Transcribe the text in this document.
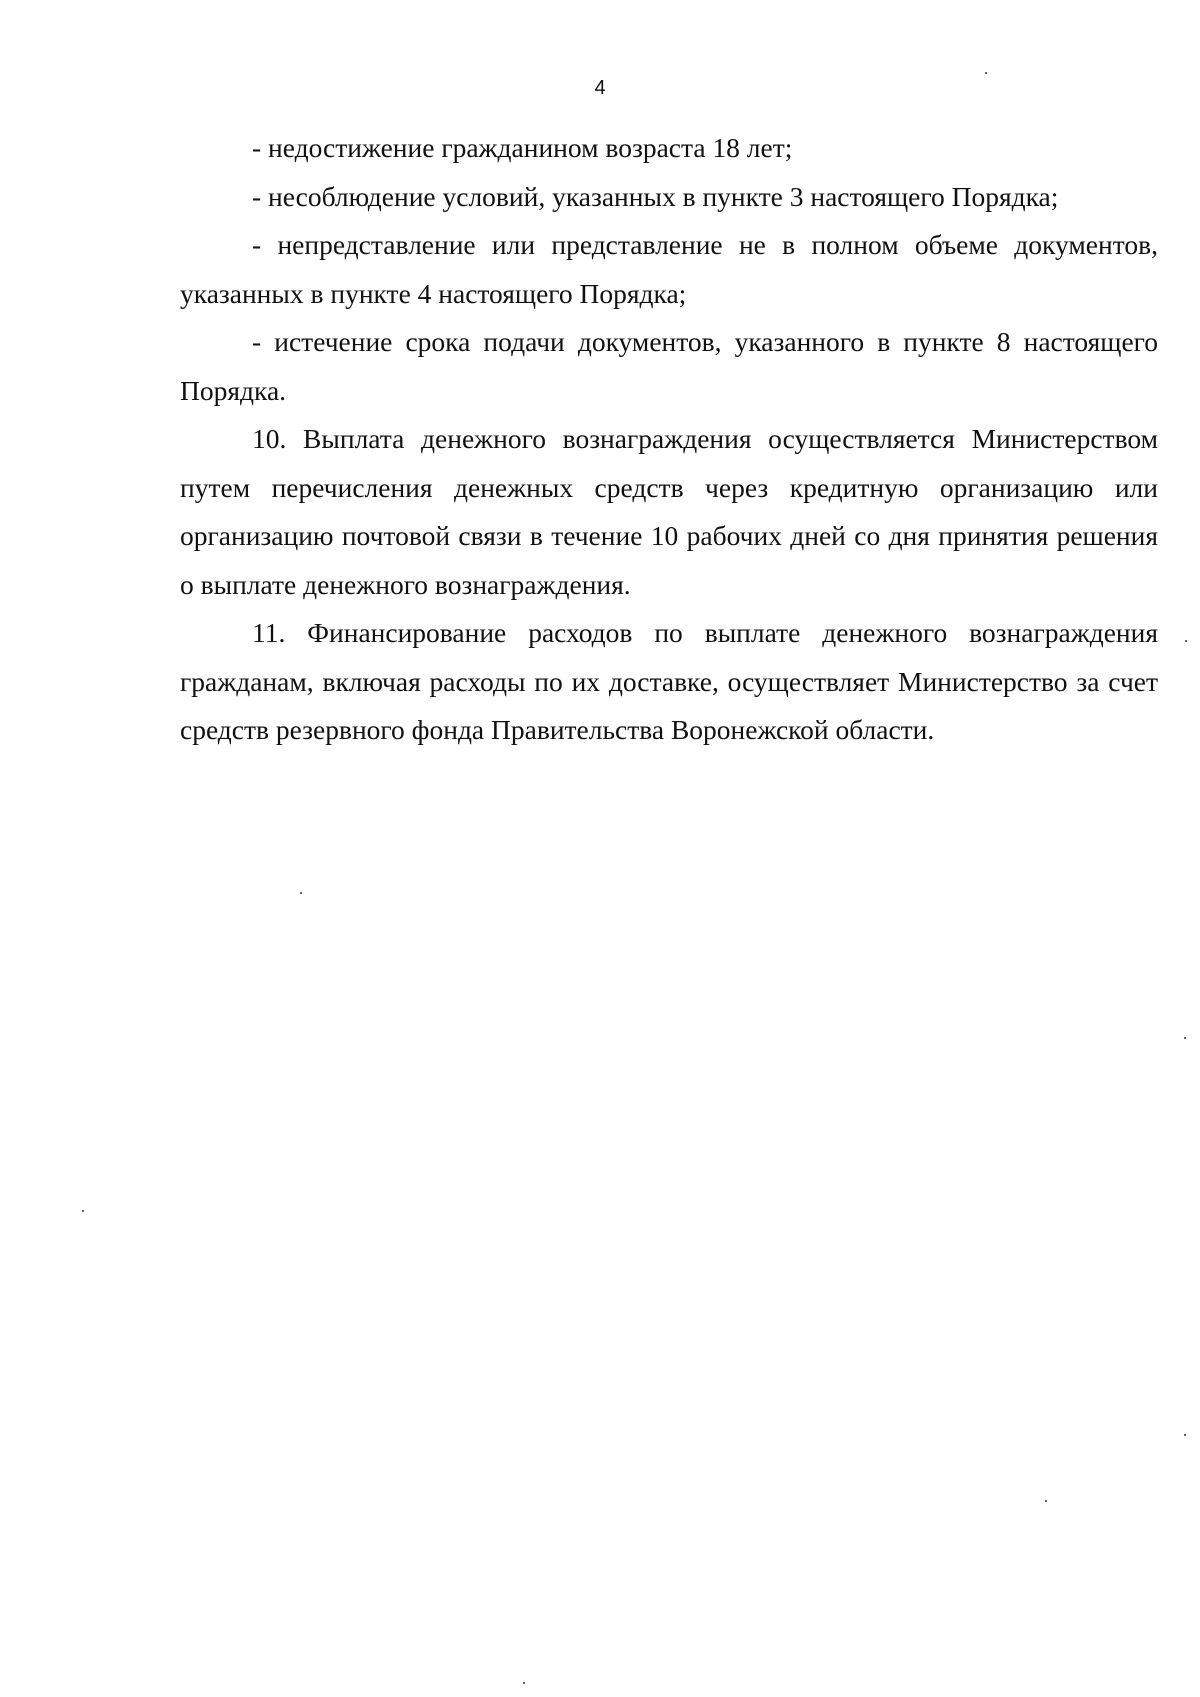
4

- недостижение гражданином возраста 18 лет;

- несоблюдение условий, указанных в пункте 3 настоящего Порядка;

- непредставление или представление не в полном объеме документов, указанных в пункте 4 настоящего Порядка;

- истечение срока подачи документов, указанного в пункте 8 настоящего Порядка.

10. Выплата денежного вознаграждения осуществляется Министерством путем перечисления денежных средств через кредитную организацию или организацию почтовой связи в течение 10 рабочих дней со дня принятия решения о выплате денежного вознаграждения.

11. Финансирование расходов по выплате денежного вознаграждения гражданам, включая расходы по их доставке, осуществляет Министерство за счет средств резервного фонда Правительства Воронежской области.
